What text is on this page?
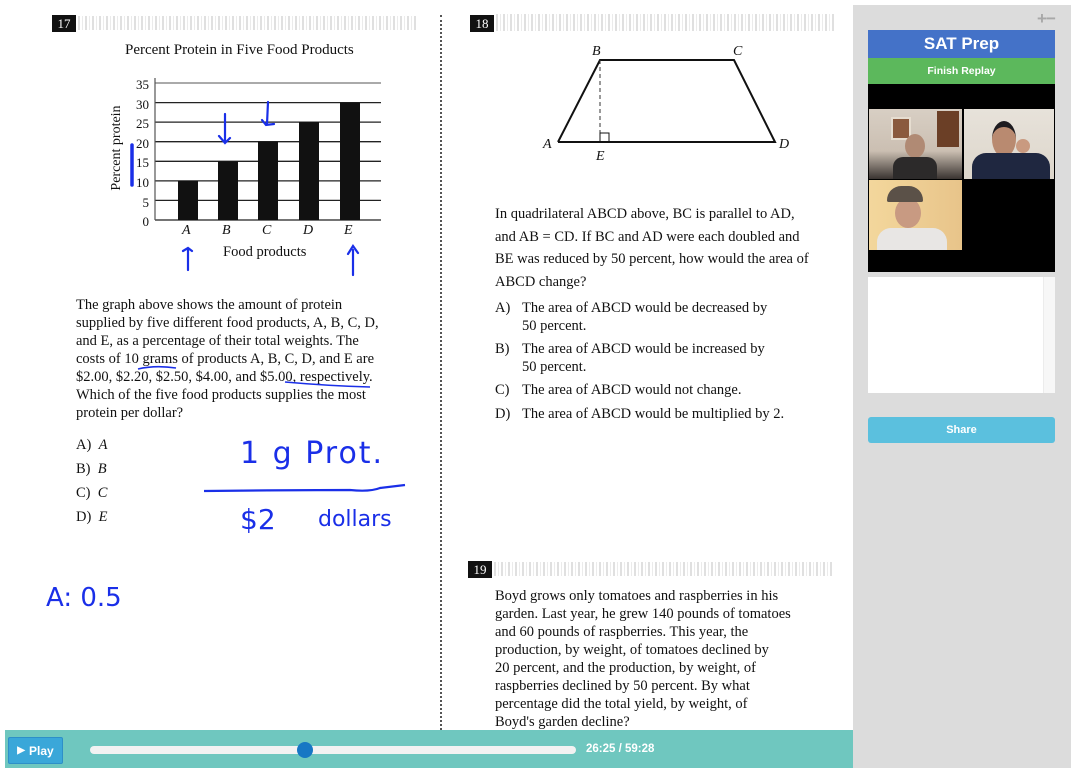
17
Percent Protein in Five Food Products
35
30
25
20
15
10
5
0
Percent protein
A B C D E
Food products
The graph above shows the amount of protein
supplied by five different food products, A, B, C, D,
and E, as a percentage of their total weights. The
costs of 10 grams of products A, B, C, D, and E are
$2.00, $2.20, $2.50, $4.00, and $5.00, respectively.
Which of the five food products supplies the most
protein per dollar?
A) A
B) B
C) C
D) E
1 g Prot.
$2 dollars
A: 0.5
18
B	C
A	D
E
In quadrilateral ABCD above, BC is parallel to AD,
and AB = CD. If BC and AD were each doubled and
BE was reduced by 50 percent, how would the area of
ABCD change?
A) The area of ABCD would be decreased by
50 percent.
B) The area of ABCD would be increased by
50 percent.
C) The area of ABCD would not change.
D) The area of ABCD would be multiplied by 2.
19
Boyd grows only tomatoes and raspberries in his
garden. Last year, he grew 140 pounds of tomatoes
and 60 pounds of raspberries. This year, the
production, by weight, of tomatoes declined by
20 percent, and the production, by weight, of
raspberries declined by 50 percent. By what
percentage did the total yield, by weight, of
Boyd's garden decline?
▶ Play	26:25 / 59:28
+−
SAT Prep
Finish Replay
Share
